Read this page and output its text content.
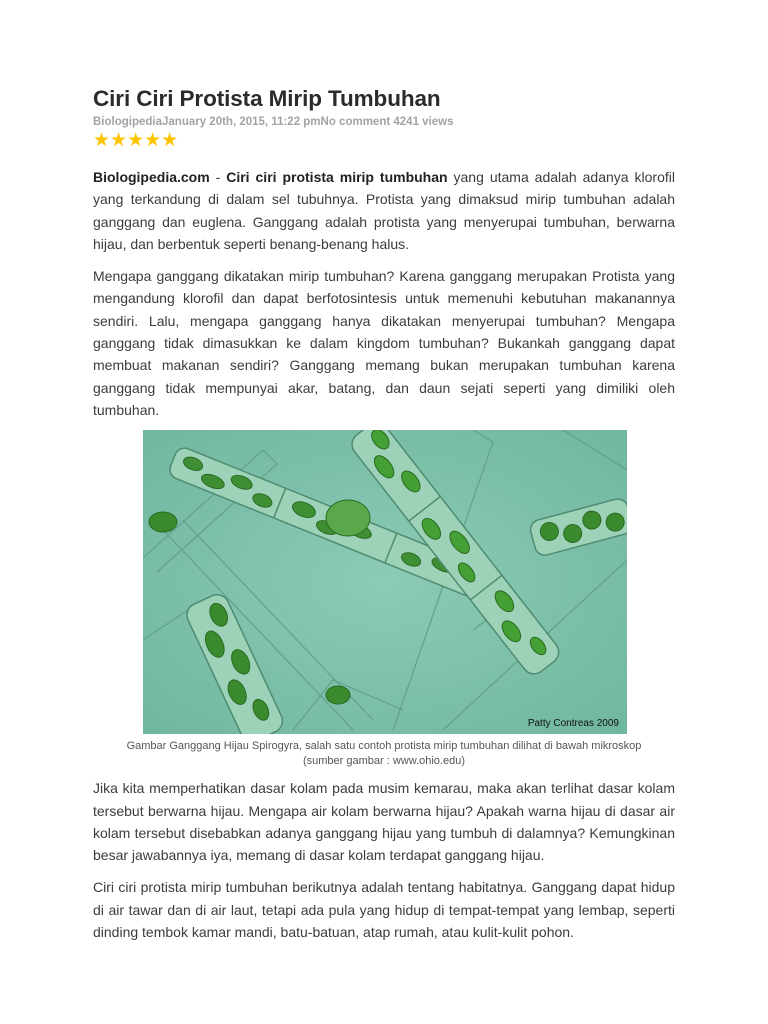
Ciri Ciri Protista Mirip Tumbuhan
BiologipediaJanuary 20th, 2015, 11:22 pmNo comment 4241 views
★★★★★

Biologipedia.com - Ciri ciri protista mirip tumbuhan yang utama adalah adanya klorofil yang terkandung di dalam sel tubuhnya. Protista yang dimaksud mirip tumbuhan adalah ganggang dan euglena. Ganggang adalah protista yang menyerupai tumbuhan, berwarna hijau, dan berbentuk seperti benang-benang halus.

Mengapa ganggang dikatakan mirip tumbuhan? Karena ganggang merupakan Protista yang mengandung klorofil dan dapat berfotosintesis untuk memenuhi kebutuhan makanannya sendiri. Lalu, mengapa ganggang hanya dikatakan menyerupai tumbuhan? Mengapa ganggang tidak dimasukkan ke dalam kingdom tumbuhan? Bukankah ganggang dapat membuat makanan sendiri? Ganggang memang bukan merupakan tumbuhan karena ganggang tidak mempunyai akar, batang, dan daun sejati seperti yang dimiliki oleh tumbuhan.

Patty Contreas 2009
Gambar Ganggang Hijau Spirogyra, salah satu contoh protista mirip tumbuhan dilihat di bawah mikroskop
(sumber gambar : www.ohio.edu)

Jika kita memperhatikan dasar kolam pada musim kemarau, maka akan terlihat dasar kolam tersebut berwarna hijau. Mengapa air kolam berwarna hijau? Apakah warna hijau di dasar air kolam tersebut disebabkan adanya ganggang hijau yang tumbuh di dalamnya? Kemungkinan besar jawabannya iya, memang di dasar kolam terdapat ganggang hijau.

Ciri ciri protista mirip tumbuhan berikutnya adalah tentang habitatnya. Ganggang dapat hidup di air tawar dan di air laut, tetapi ada pula yang hidup di tempat-tempat yang lembap, seperti dinding tembok kamar mandi, batu-batuan, atap rumah, atau kulit-kulit pohon.
